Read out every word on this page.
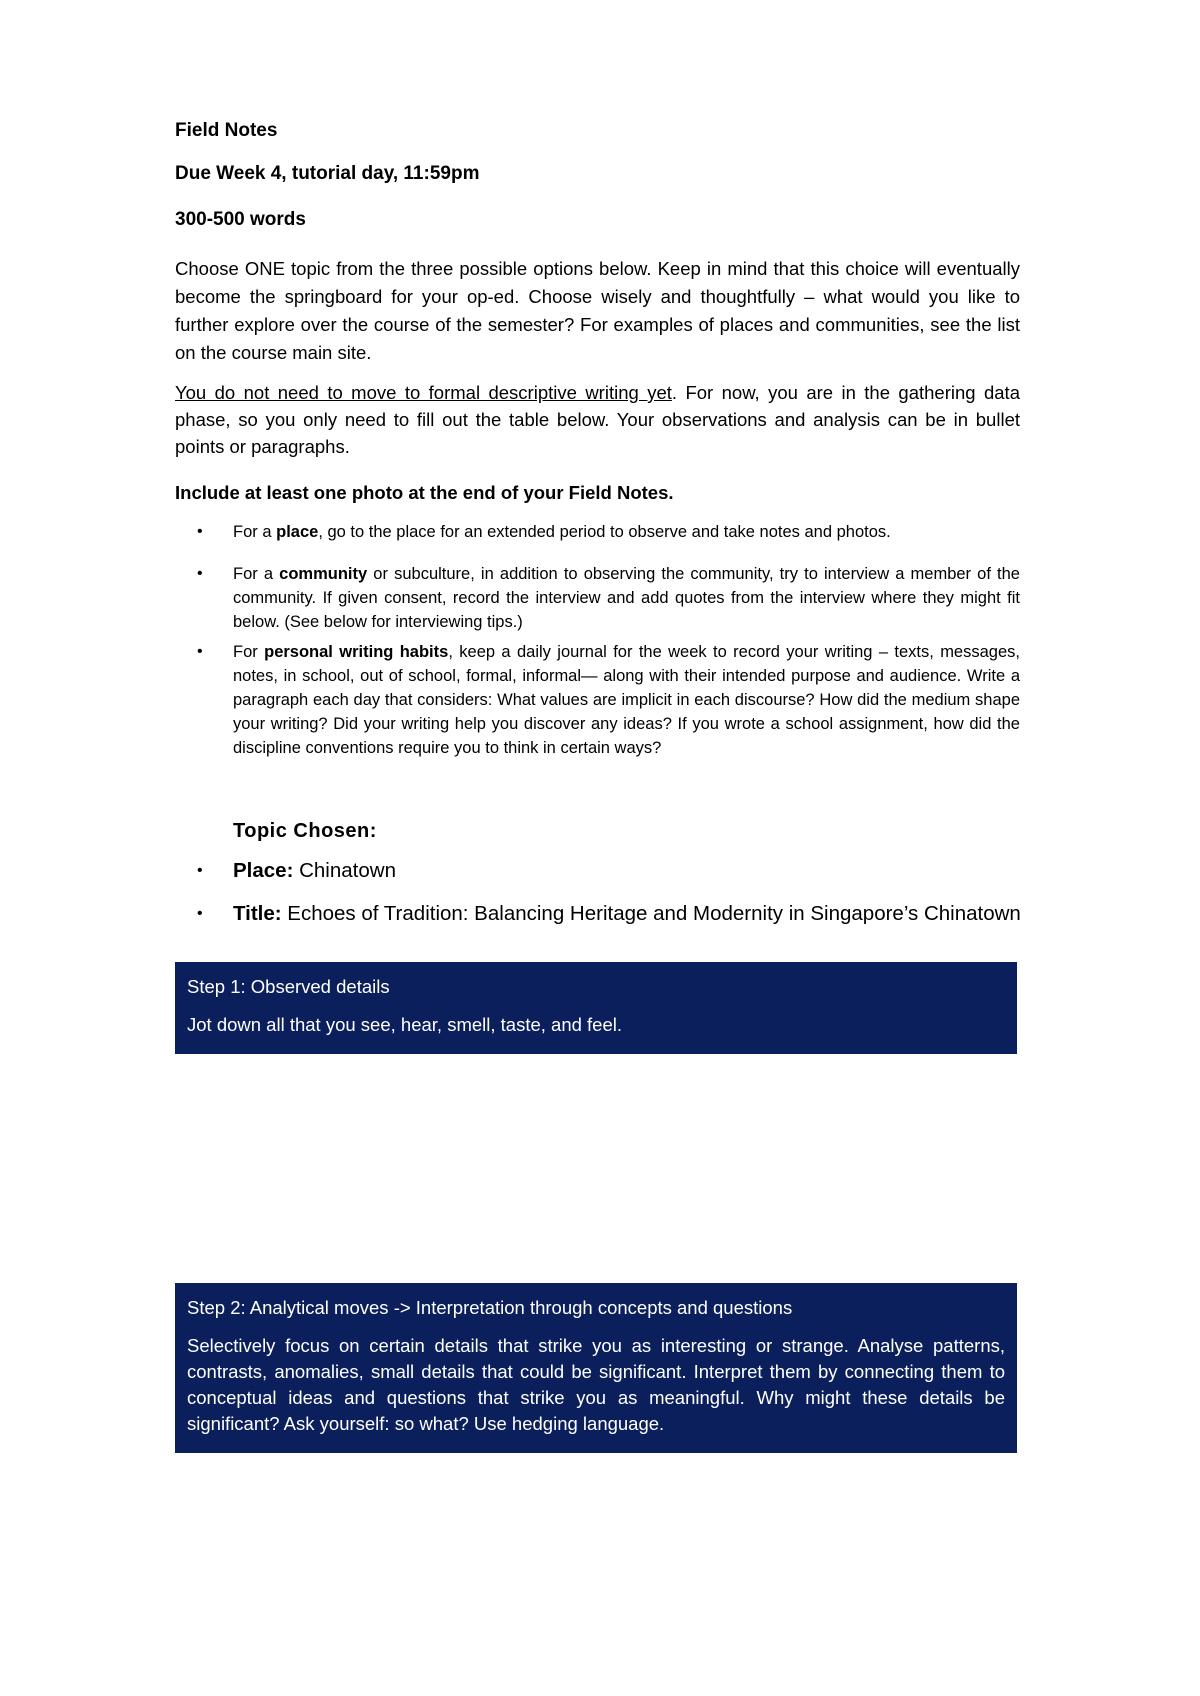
Field Notes

Due Week 4, tutorial day, 11:59pm

300-500 words

Choose ONE topic from the three possible options below. Keep in mind that this choice will eventually become the springboard for your op-ed. Choose wisely and thoughtfully – what would you like to further explore over the course of the semester? For examples of places and communities, see the list on the course main site.

You do not need to move to formal descriptive writing yet. For now, you are in the gathering data phase, so you only need to fill out the table below. Your observations and analysis can be in bullet points or paragraphs.

Include at least one photo at the end of your Field Notes.

• For a place, go to the place for an extended period to observe and take notes and photos.
• For a community or subculture, in addition to observing the community, try to interview a member of the community. If given consent, record the interview and add quotes from the interview where they might fit below. (See below for interviewing tips.)
• For personal writing habits, keep a daily journal for the week to record your writing – texts, messages, notes, in school, out of school, formal, informal— along with their intended purpose and audience. Write a paragraph each day that considers: What values are implicit in each discourse? How did the medium shape your writing? Did your writing help you discover any ideas? If you wrote a school assignment, how did the discipline conventions require you to think in certain ways?
Topic Chosen:
• Place: Chinatown
• Title: Echoes of Tradition: Balancing Heritage and Modernity in Singapore’s Chinatown

Step 1: Observed details

Jot down all that you see, hear, smell, taste, and feel.

Step 2: Analytical moves -> Interpretation through concepts and questions

Selectively focus on certain details that strike you as interesting or strange. Analyse patterns, contrasts, anomalies, small details that could be significant. Interpret them by connecting them to conceptual ideas and questions that strike you as meaningful. Why might these details be significant? Ask yourself: so what? Use hedging language.
